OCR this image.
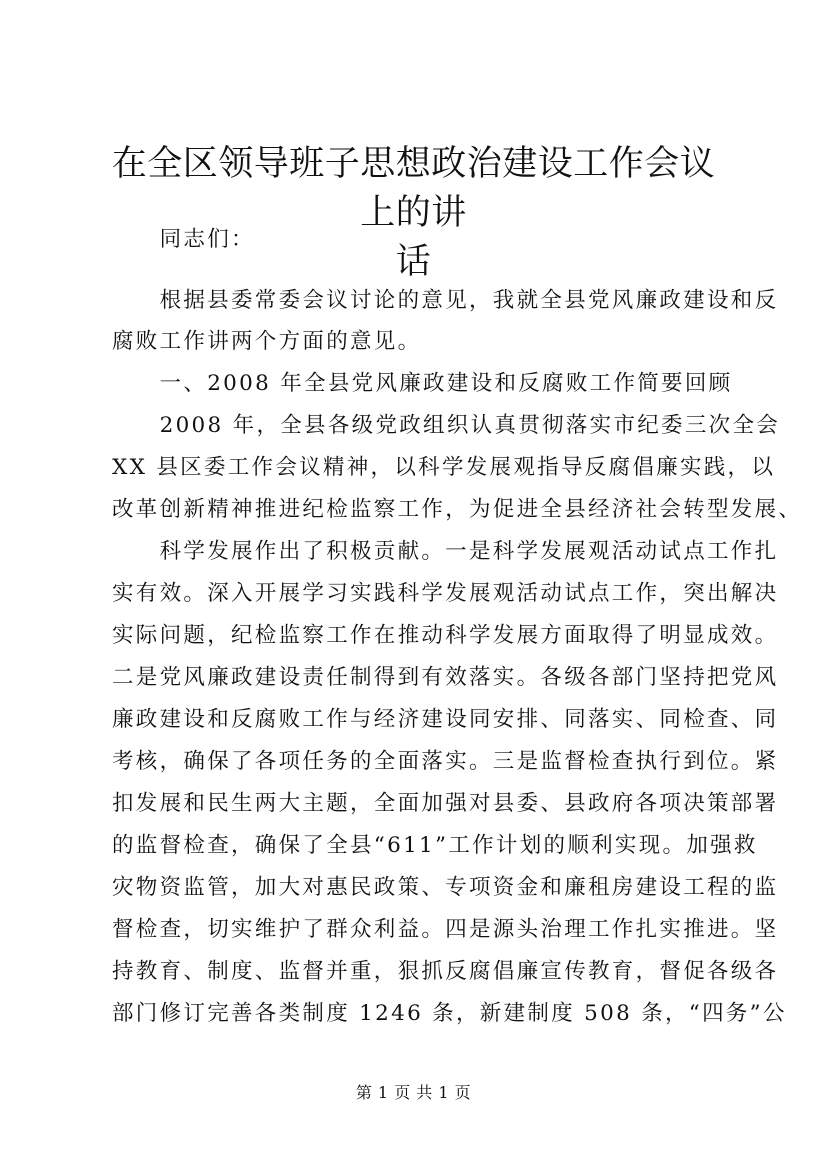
在全区领导班子思想政治建设工作会议上的讲
话

　　同志们：

　　根据县委常委会议讨论的意见，我就全县党风廉政建设和反

腐败工作讲两个方面的意见。

　　一、2008 年全县党风廉政建设和反腐败工作简要回顾

　　2008 年，全县各级党政组织认真贯彻落实市纪委三次全会

XX 县区委工作会议精神，以科学发展观指导反腐倡廉实践，以

改革创新精神推进纪检监察工作，为促进全县经济社会转型发展、

　　科学发展作出了积极贡献。一是科学发展观活动试点工作扎

实有效。深入开展学习实践科学发展观活动试点工作，突出解决

实际问题，纪检监察工作在推动科学发展方面取得了明显成效。

二是党风廉政建设责任制得到有效落实。各级各部门坚持把党风

廉政建设和反腐败工作与经济建设同安排、同落实、同检查、同

考核，确保了各项任务的全面落实。三是监督检查执行到位。紧

扣发展和民生两大主题，全面加强对县委、县政府各项决策部署

的监督检查，确保了全县“611”工作计划的顺利实现。加强救

灾物资监管，加大对惠民政策、专项资金和廉租房建设工程的监

督检查，切实维护了群众利益。四是源头治理工作扎实推进。坚

持教育、制度、监督并重，狠抓反腐倡廉宣传教育，督促各级各

部门修订完善各类制度 1246 条，新建制度 508 条，“四务”公

第 1 页 共 1 页
